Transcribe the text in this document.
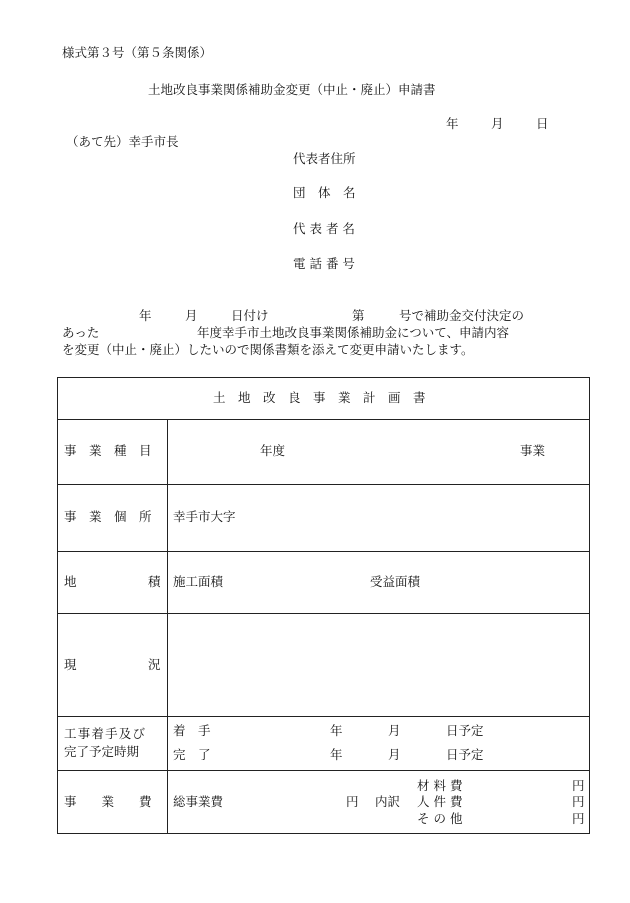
様式第３号（第５条関係）
土地改良事業関係補助金変更（中止・廃止）申請書
年	月	日
（あて先）幸手市長
代表者住所
団　体　名
代 表 者 名
電 話 番 号
年	月	日付け	第	号で補助金交付決定の
あった	年度幸手市土地改良事業関係補助金について、申請内容
を変更（中止・廃止）したいので関係書類を添えて変更申請いたします。
土　地　改　良　事　業　計　画　書
事　業　種　目	年度	事業
事　業　個　所 幸手市大字
地	積 施工面積	受益面積
現	況
工事着手及び
完了予定時期
着　手	年	月	日予定
完　了	年	月	日予定
事　　業　　費 総事業費	円 内訳
材 料 費	円
人 件 費	円
そ の 他	円
